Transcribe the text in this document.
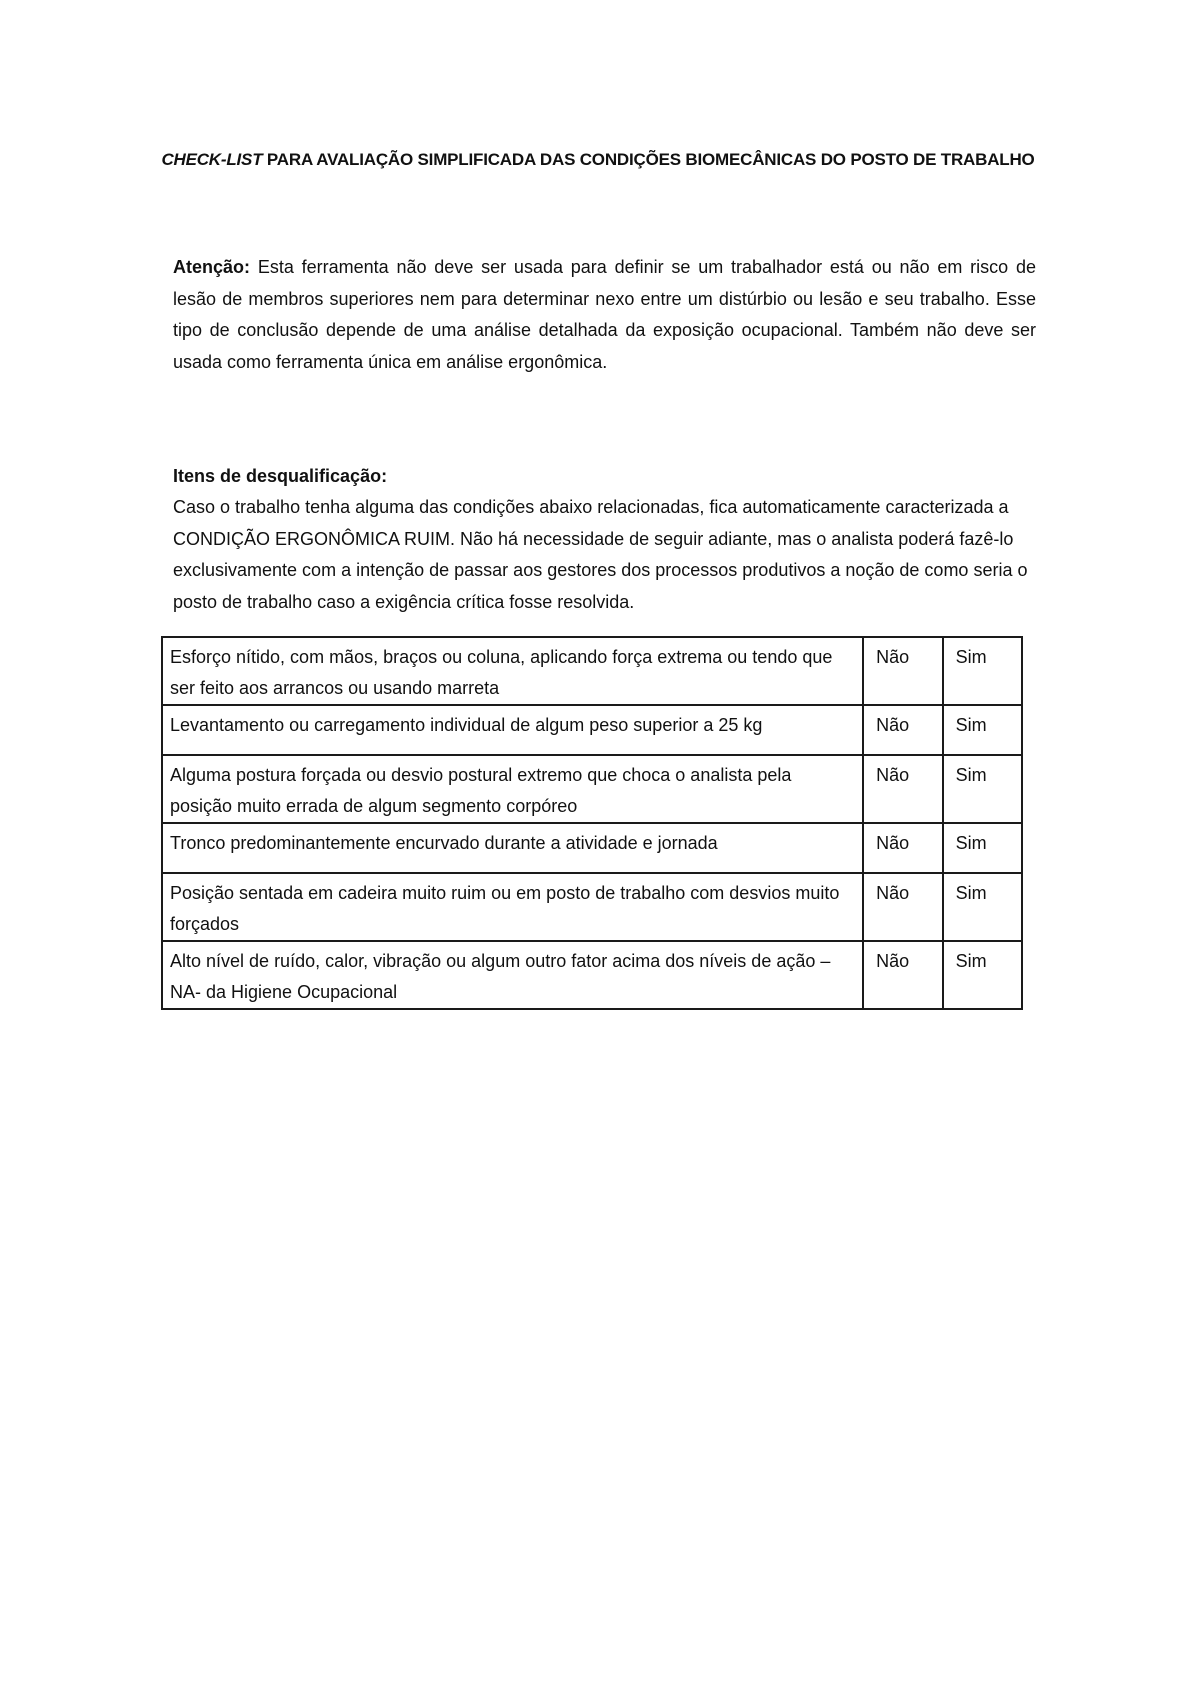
CHECK-LIST PARA AVALIAÇÃO SIMPLIFICADA DAS CONDIÇÕES BIOMECÂNICAS DO POSTO DE TRABALHO
Atenção: Esta ferramenta não deve ser usada para definir se um trabalhador está ou não em risco de lesão de membros superiores nem para determinar nexo entre um distúrbio ou lesão e seu trabalho. Esse tipo de conclusão depende de uma análise detalhada da exposição ocupacional. Também não deve ser usada como ferramenta única em análise ergonômica.
Itens de desqualificação:
Caso o trabalho tenha alguma das condições abaixo relacionadas, fica automaticamente caracterizada a CONDIÇÃO ERGONÔMICA RUIM. Não há necessidade de seguir adiante, mas o analista poderá fazê-lo exclusivamente com a intenção de passar aos gestores dos processos produtivos a noção de como seria o posto de trabalho caso a exigência crítica fosse resolvida.
Esforço nítido, com mãos, braços ou coluna, aplicando força extrema ou tendo que ser feito aos arrancos ou usando marreta	Não	Sim
Levantamento ou carregamento individual de algum peso superior a 25 kg	Não	Sim
Alguma postura forçada ou desvio postural extremo que choca o analista pela posição muito errada de algum segmento corpóreo	Não	Sim
Tronco predominantemente encurvado durante a atividade e jornada	Não	Sim
Posição sentada em cadeira muito ruim ou em posto de trabalho com desvios muito forçados	Não	Sim
Alto nível de ruído, calor, vibração ou algum outro fator acima dos níveis de ação –NA- da Higiene Ocupacional	Não	Sim
